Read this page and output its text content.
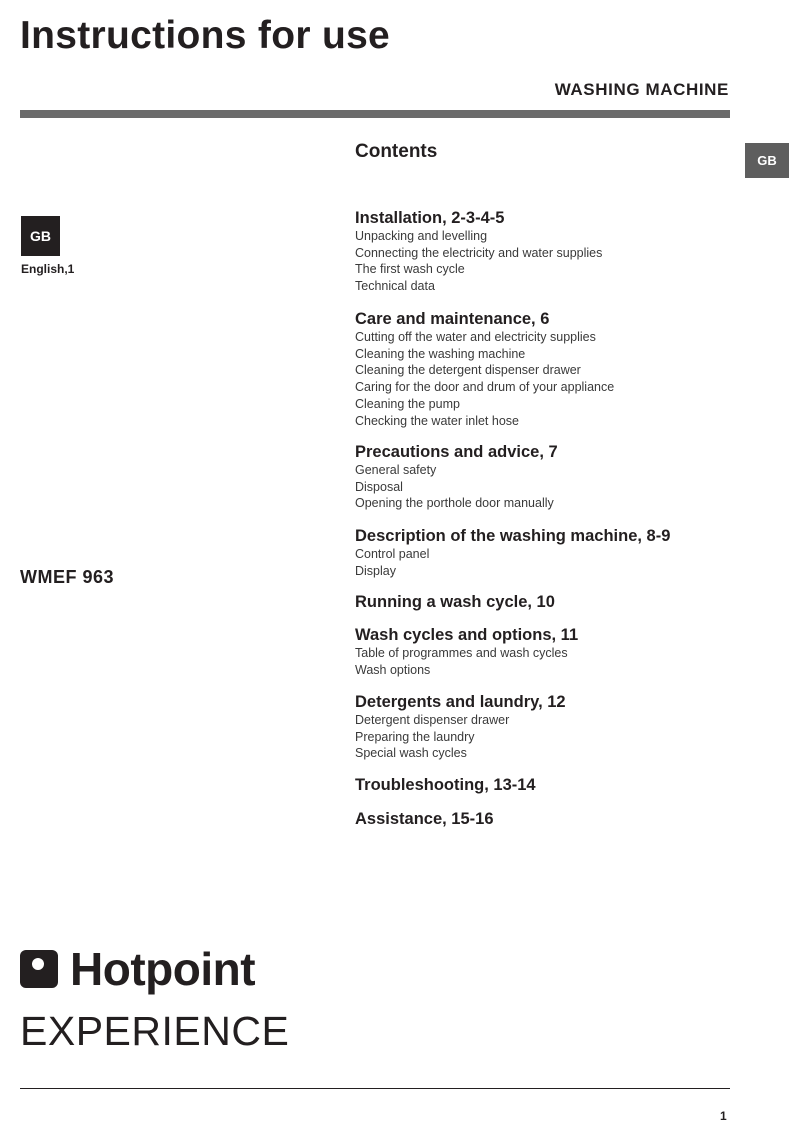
Instructions for use
WASHING MACHINE
GB
GB
English,1
WMEF 963
Contents
Installation, 2-3-4-5
Unpacking and levelling
Connecting the electricity and water supplies
The first wash cycle
Technical data
Care and maintenance, 6
Cutting off the water and electricity supplies
Cleaning the washing machine
Cleaning the detergent dispenser drawer
Caring for the door and drum of your appliance
Cleaning the pump
Checking the water inlet hose
Precautions and advice, 7
General safety
Disposal
Opening the porthole door manually
Description of the washing machine, 8-9
Control panel
Display
Running a wash cycle, 10
Wash cycles and options, 11
Table of programmes and wash cycles
Wash options
Detergents and laundry, 12
Detergent dispenser drawer
Preparing the laundry
Special wash cycles
Troubleshooting, 13-14
Assistance, 15-16
Hotpoint
EXPERIENCE
1
